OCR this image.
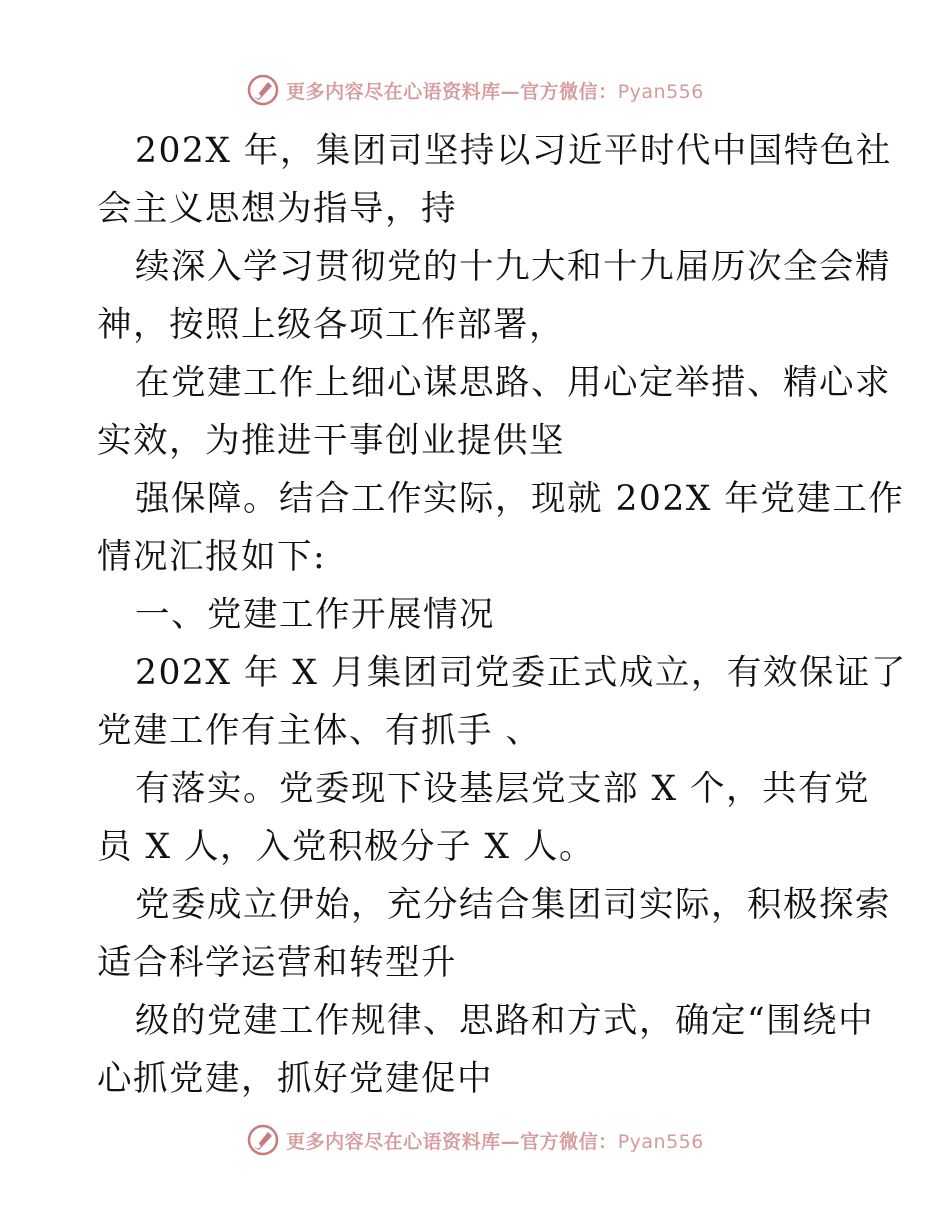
更多内容尽在心语资料库—官方微信：Pyan556

202X 年，集团司坚持以习近平时代中国特色社
会主义思想为指导，持

续深入学习贯彻党的十九大和十九届历次全会精
神，按照上级各项工作部署，

在党建工作上细心谋思路、用心定举措、精心求
实效，为推进干事创业提供坚

强保障。结合工作实际，现就 202X 年党建工作
情况汇报如下:

一、党建工作开展情况

202X 年 X 月集团司党委正式成立，有效保证了
党建工作有主体、有抓手 、

有落实。党委现下设基层党支部 X 个，共有党
员 X 人，入党积极分子 X 人。

党委成立伊始，充分结合集团司实际，积极探索
适合科学运营和转型升

级的党建工作规律、思路和方式，确定“围绕中
心抓党建，抓好党建促中

更多内容尽在心语资料库—官方微信：Pyan556
